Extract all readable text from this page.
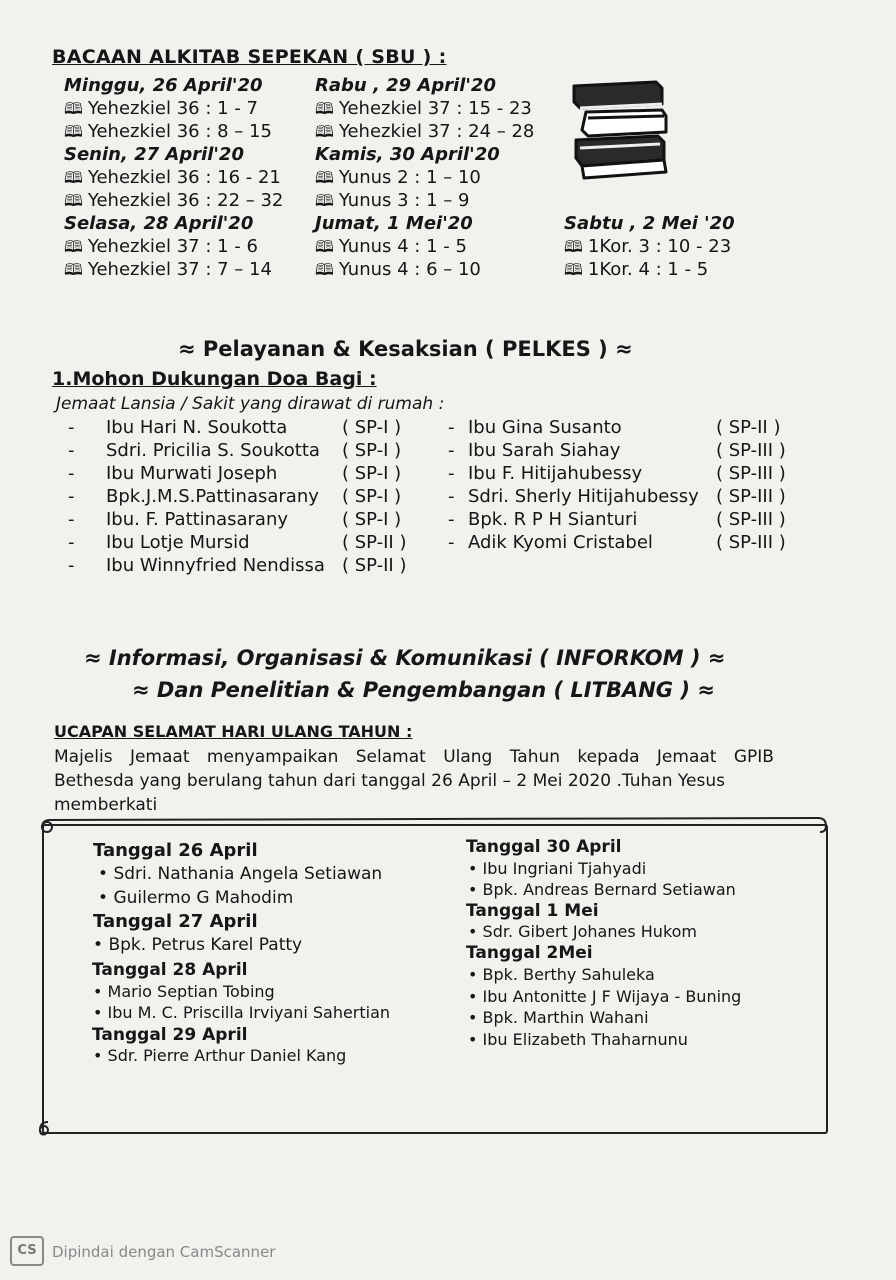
BACAAN ALKITAB SEPEKAN ( SBU ) :
Minggu, 26 April'20
🕮 Yehezkiel 36 : 1 - 7
🕮 Yehezkiel 36 : 8 – 15
Senin, 27 April'20
🕮 Yehezkiel 36 : 16 - 21
🕮 Yehezkiel 36 : 22 – 32
Selasa, 28 April'20
🕮 Yehezkiel 37 : 1 - 6
🕮 Yehezkiel 37 : 7 – 14
Rabu , 29 April'20
🕮 Yehezkiel 37 : 15 - 23
🕮 Yehezkiel 37 : 24 – 28
Kamis, 30 April'20
🕮 Yunus 2 : 1 – 10
🕮 Yunus 3 : 1 – 9
Jumat, 1 Mei'20
🕮 Yunus 4 : 1 - 5
🕮 Yunus 4 : 6 – 10
Sabtu , 2 Mei '20
🕮 1Kor. 3 : 10 - 23
🕮 1Kor. 4 : 1 - 5
≈ Pelayanan & Kesaksian ( PELKES ) ≈
1.Mohon Dukungan Doa Bagi :
Jemaat Lansia / Sakit yang dirawat di rumah :
- Ibu Hari N. Soukotta	( SP-I )
- Sdri. Pricilia S. Soukotta ( SP-I )
- Ibu Murwati Joseph	( SP-I )
- Bpk.J.M.S.Pattinasarany ( SP-I )
- Ibu. F. Pattinasarany	( SP-I )
- Ibu Lotje Mursid	( SP-II )
- Ibu Winnyfried Nendissa ( SP-II )
- Ibu Gina Susanto	( SP-II )
- Ibu Sarah Siahay	( SP-III )
- Ibu F. Hitijahubessy	( SP-III )
- Sdri. Sherly Hitijahubessy ( SP-III )
- Bpk. R P H Sianturi	( SP-III )
- Adik Kyomi Cristabel	( SP-III )
≈ Informasi, Organisasi & Komunikasi ( INFORKOM ) ≈
≈ Dan Penelitian & Pengembangan ( LITBANG ) ≈
UCAPAN SELAMAT HARI ULANG TAHUN :
Majelis Jemaat menyampaikan Selamat Ulang Tahun kepada Jemaat GPIB
Bethesda yang berulang tahun dari tanggal 26 April – 2 Mei 2020 .Tuhan Yesus
memberkati
Tanggal 26 April
• Sdri. Nathania Angela Setiawan
• Guilermo G Mahodim
Tanggal 27 April
• Bpk. Petrus Karel Patty
Tanggal 28 April
• Mario Septian Tobing
• Ibu M. C. Priscilla Irviyani Sahertian
Tanggal 29 April
• Sdr. Pierre Arthur Daniel Kang
Tanggal 30 April
• Ibu Ingriani Tjahyadi
• Bpk. Andreas Bernard Setiawan
Tanggal 1 Mei
• Sdr. Gibert Johanes Hukom
Tanggal 2Mei
• Bpk. Berthy Sahuleka
• Ibu Antonitte J F Wijaya - Buning
• Bpk. Marthin Wahani
• Ibu Elizabeth Thaharnunu
CS	Dipindai dengan CamScanner
